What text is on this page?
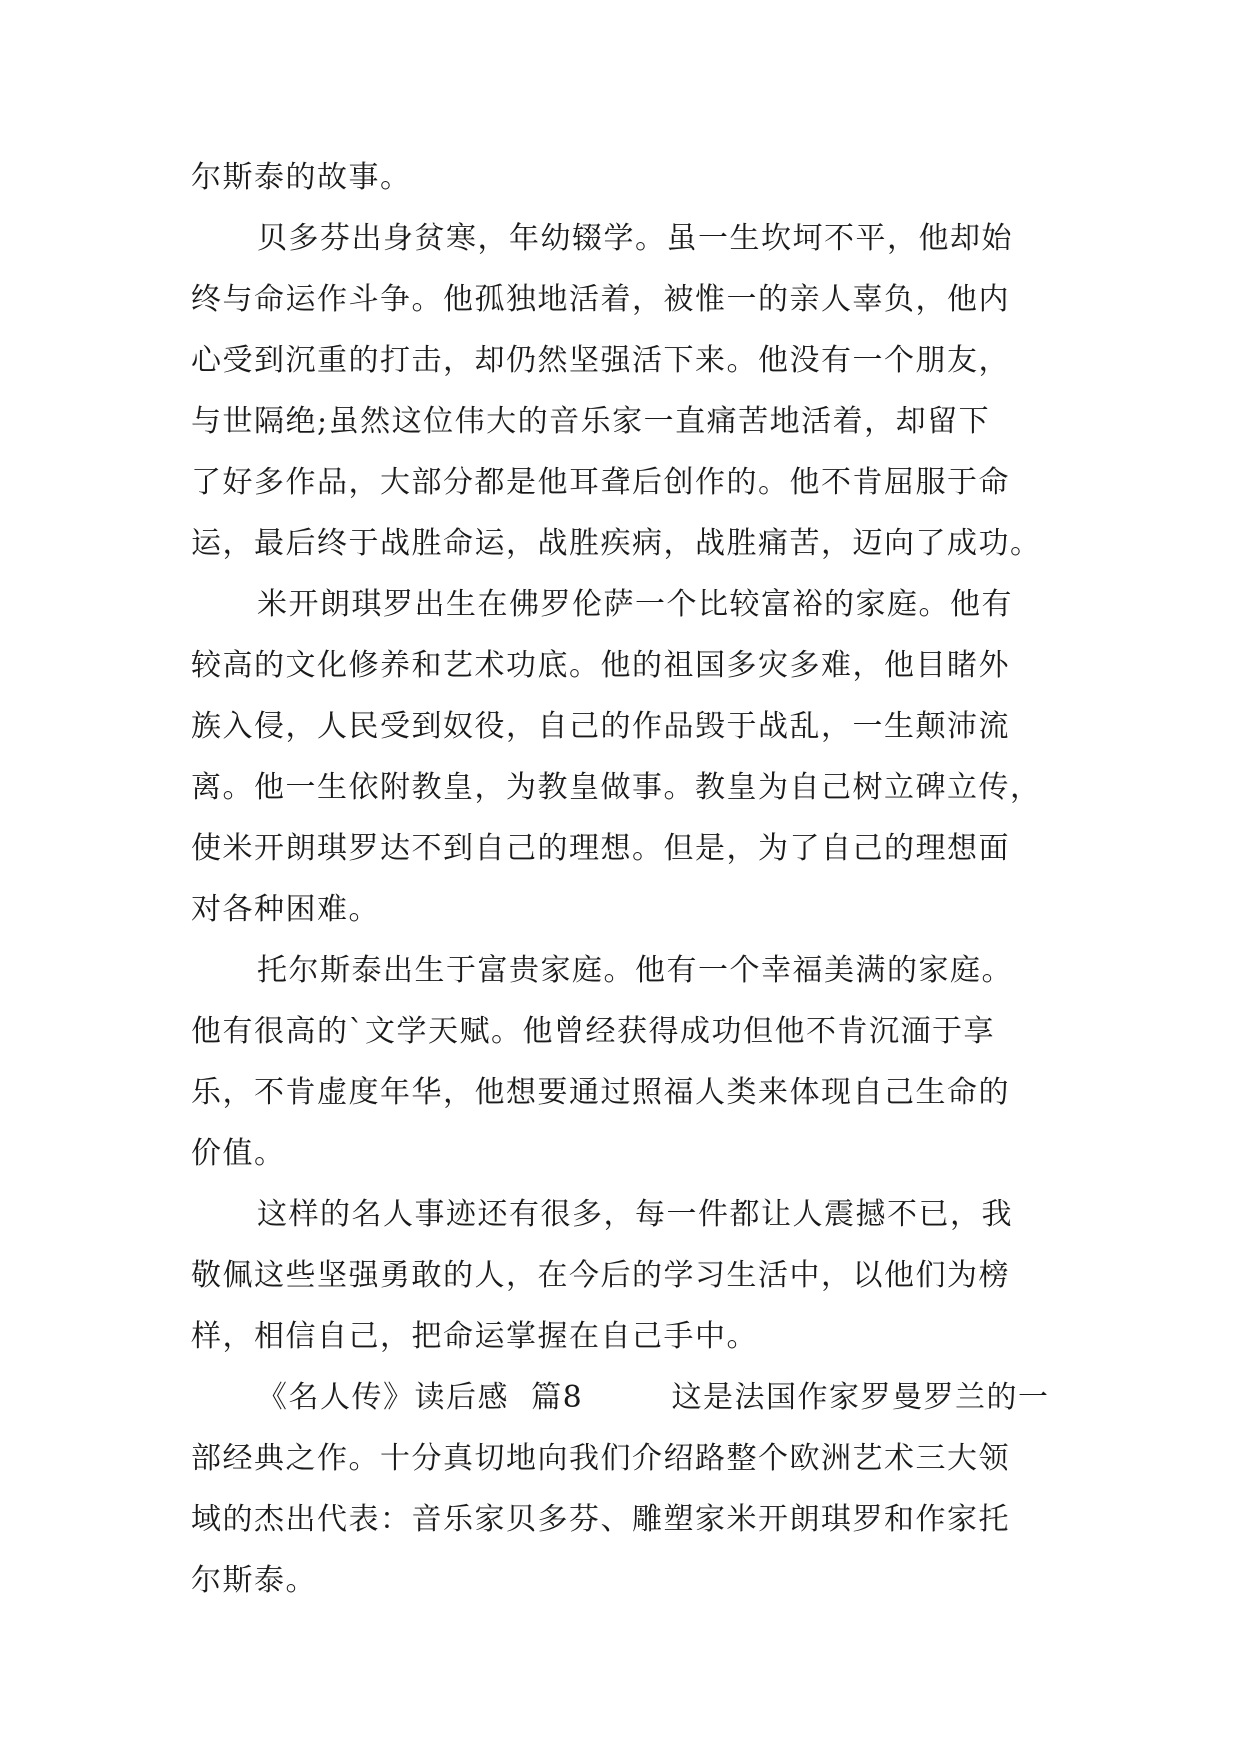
尔斯泰的故事。
贝多芬出身贫寒，年幼辍学。虽一生坎坷不平，他却始
终与命运作斗争。他孤独地活着，被惟一的亲人辜负，他内
心受到沉重的打击，却仍然坚强活下来。他没有一个朋友，
与世隔绝;虽然这位伟大的音乐家一直痛苦地活着，却留下
了好多作品，大部分都是他耳聋后创作的。他不肯屈服于命
运，最后终于战胜命运，战胜疾病，战胜痛苦，迈向了成功。
米开朗琪罗出生在佛罗伦萨一个比较富裕的家庭。他有
较高的文化修养和艺术功底。他的祖国多灾多难，他目睹外
族入侵，人民受到奴役，自己的作品毁于战乱，一生颠沛流
离。他一生依附教皇，为教皇做事。教皇为自己树立碑立传，
使米开朗琪罗达不到自己的理想。但是，为了自己的理想面
对各种困难。
托尔斯泰出生于富贵家庭。他有一个幸福美满的家庭。
他有很高的`文学天赋。他曾经获得成功但他不肯沉湎于享
乐，不肯虚度年华，他想要通过照福人类来体现自己生命的
价值。
这样的名人事迹还有很多，每一件都让人震撼不已，我
敬佩这些坚强勇敢的人，在今后的学习生活中，以他们为榜
样，相信自己，把命运掌握在自己手中。
《名人传》读后感  篇8        这是法国作家罗曼罗兰的一
部经典之作。十分真切地向我们介绍路整个欧洲艺术三大领
域的杰出代表：音乐家贝多芬、雕塑家米开朗琪罗和作家托
尔斯泰。
